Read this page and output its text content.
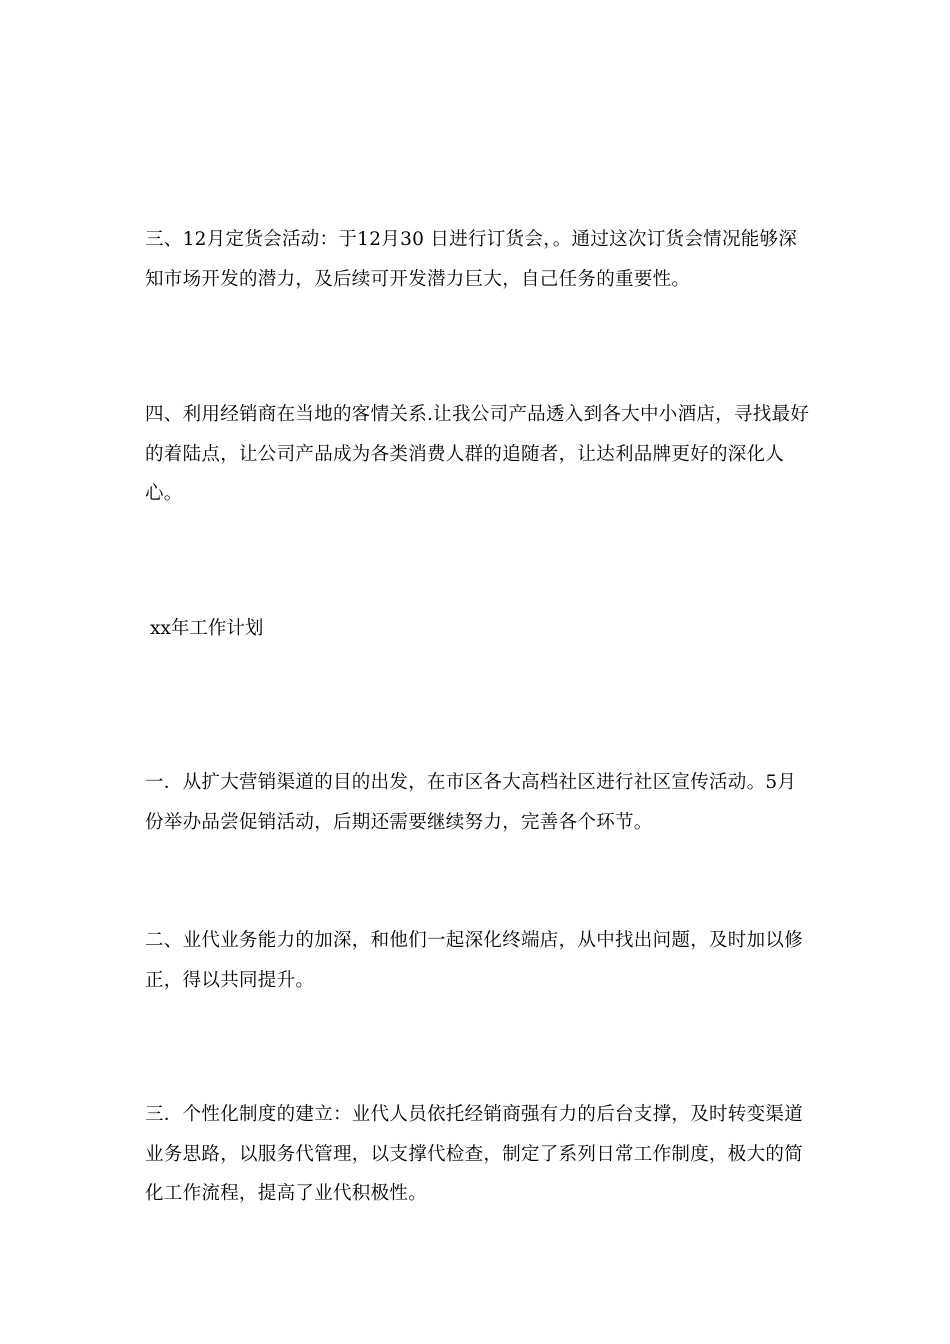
三、12月定货会活动：于12月30 日进行订货会，。通过这次订货会情况能够深知市场开发的潜力，及后续可开发潜力巨大，自己任务的重要性。

四、利用经销商在当地的客情关系.让我公司产品透入到各大中小酒店，寻找最好的着陆点，让公司产品成为各类消费人群的追随者，让达利品牌更好的深化人心。

xx年工作计划

一．从扩大营销渠道的目的出发，在市区各大高档社区进行社区宣传活动。5月份举办品尝促销活动，后期还需要继续努力，完善各个环节。

二、业代业务能力的加深，和他们一起深化终端店，从中找出问题，及时加以修正，得以共同提升。

三．个性化制度的建立：业代人员依托经销商强有力的后台支撑，及时转变渠道业务思路，以服务代管理，以支撑代检查，制定了系列日常工作制度，极大的简化工作流程，提高了业代积极性。
